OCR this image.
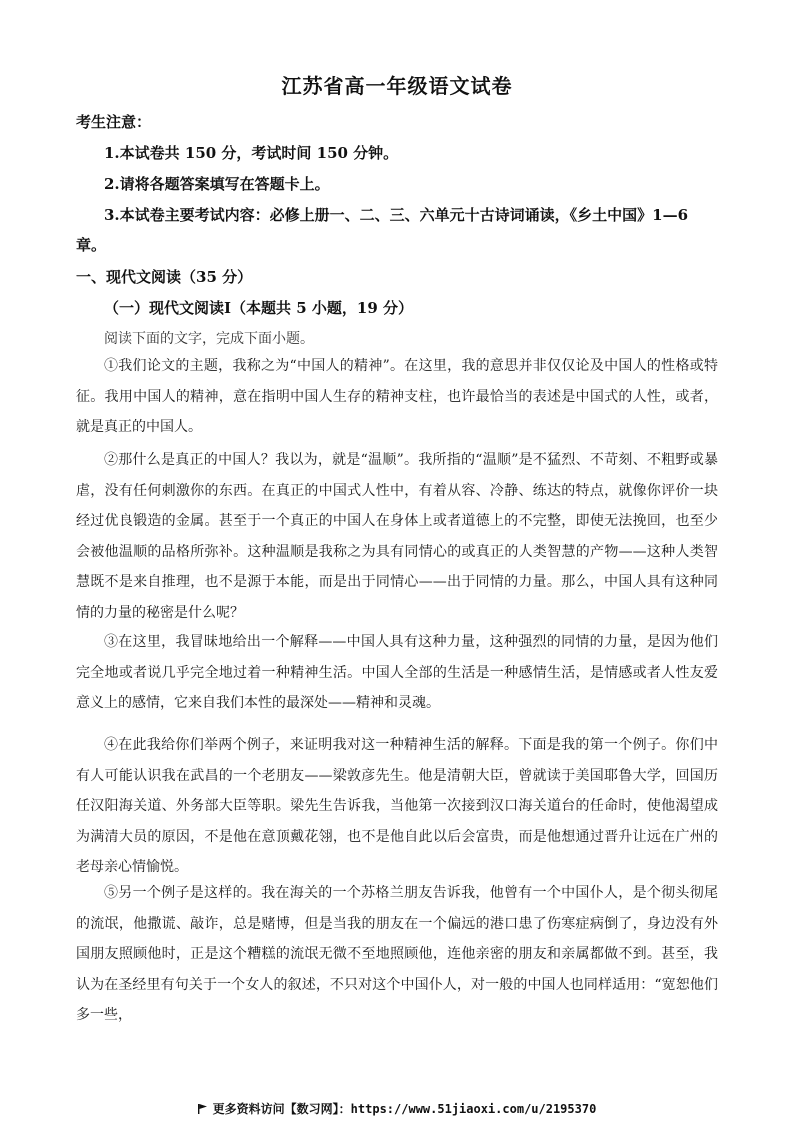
江苏省高一年级语文试卷
考生注意：
1.本试卷共 150 分，考试时间 150 分钟。
2.请将各题答案填写在答题卡上。
3.本试卷主要考试内容：必修上册一、二、三、六单元十古诗词诵读，《乡土中国》1—6
章。
一、现代文阅读（35 分）
（一）现代文阅读Ⅰ（本题共 5 小题，19 分）
阅读下面的文字，完成下面小题。
①我们论文的主题，我称之为“中国人的精神”。在这里，我的意思并非仅仅论及中国人的性格或特征。我用中国人的精神，意在指明中国人生存的精神支柱，也许最恰当的表述是中国式的人性，或者，就是真正的中国人。
②那什么是真正的中国人？我以为，就是“温顺”。我所指的“温顺”是不猛烈、不苛刻、不粗野或暴虐，没有任何刺激你的东西。在真正的中国式人性中，有着从容、冷静、练达的特点，就像你评价一块经过优良锻造的金属。甚至于一个真正的中国人在身体上或者道德上的不完整，即使无法挽回，也至少会被他温顺的品格所弥补。这种温顺是我称之为具有同情心的或真正的人类智慧的产物——这种人类智慧既不是来自推理，也不是源于本能，而是出于同情心——出于同情的力量。那么，中国人具有这种同情的力量的秘密是什么呢？
③在这里，我冒昧地给出一个解释——中国人具有这种力量，这种强烈的同情的力量，是因为他们完全地或者说几乎完全地过着一种精神生活。中国人全部的生活是一种感情生活，是情感或者人性友爱意义上的感情，它来自我们本性的最深处——精神和灵魂。
④在此我给你们举两个例子，来证明我对这一种精神生活的解释。下面是我的第一个例子。你们中有人可能认识我在武昌的一个老朋友——梁敦彦先生。他是清朝大臣，曾就读于美国耶鲁大学，回国历任汉阳海关道、外务部大臣等职。梁先生告诉我，当他第一次接到汉口海关道台的任命时，使他渴望成为满清大员的原因，不是他在意顶戴花翎，也不是他自此以后会富贵，而是他想通过晋升让远在广州的老母亲心情愉悦。
⑤另一个例子是这样的。我在海关的一个苏格兰朋友告诉我，他曾有一个中国仆人，是个彻头彻尾的流氓，他撒谎、敲诈，总是赌博，但是当我的朋友在一个偏远的港口患了伤寒症病倒了，身边没有外国朋友照顾他时，正是这个糟糕的流氓无微不至地照顾他，连他亲密的朋友和亲属都做不到。甚至，我认为在圣经里有句关于一个女人的叙述，不只对这个中国仆人，对一般的中国人也同样适用：“宽恕他们多一些，
更多资料访问【数习网】：https://www.51jiaoxi.com/u/2195370
